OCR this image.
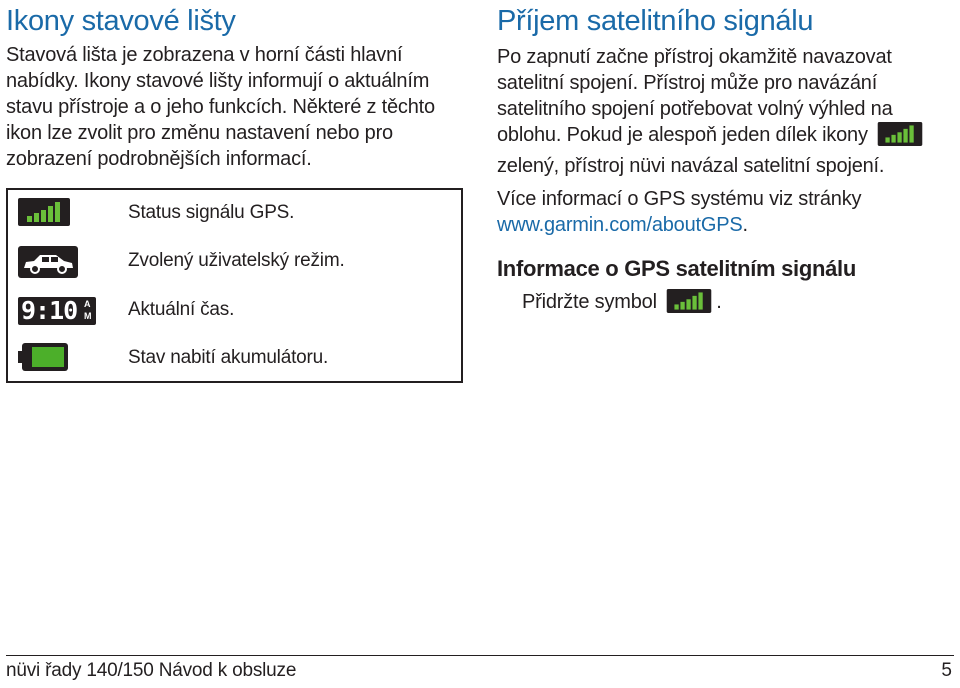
Ikony stavové lišty

Stavová lišta je zobrazena v horní části hlavní nabídky. Ikony stavové lišty informují o aktuálním stavu přístroje a o jeho funkcích. Některé z těchto ikon lze zvolit pro změnu nastavení nebo pro zobrazení podrobnějších informací.

Status signálu GPS.
Zvolený uživatelský režim.
9:10 A
M Aktuální čas.
Stav nabití akumulátoru.
Příjem satelitního signálu

Po zapnutí začne přístroj okamžitě navazovat satelitní spojení. Přístroj může pro navázání satelitního spojení potřebovat volný výhled na oblohu. Pokud je alespoň jeden dílek ikony  zelený, přístroj nüvi navázal satelitní spojení.

Více informací o GPS systému viz stránky www.garmin.com/aboutGPS.

Informace o GPS satelitním signálu

Přidržte symbol	.

nüvi řady 140/150 Návod k obsluze	5
